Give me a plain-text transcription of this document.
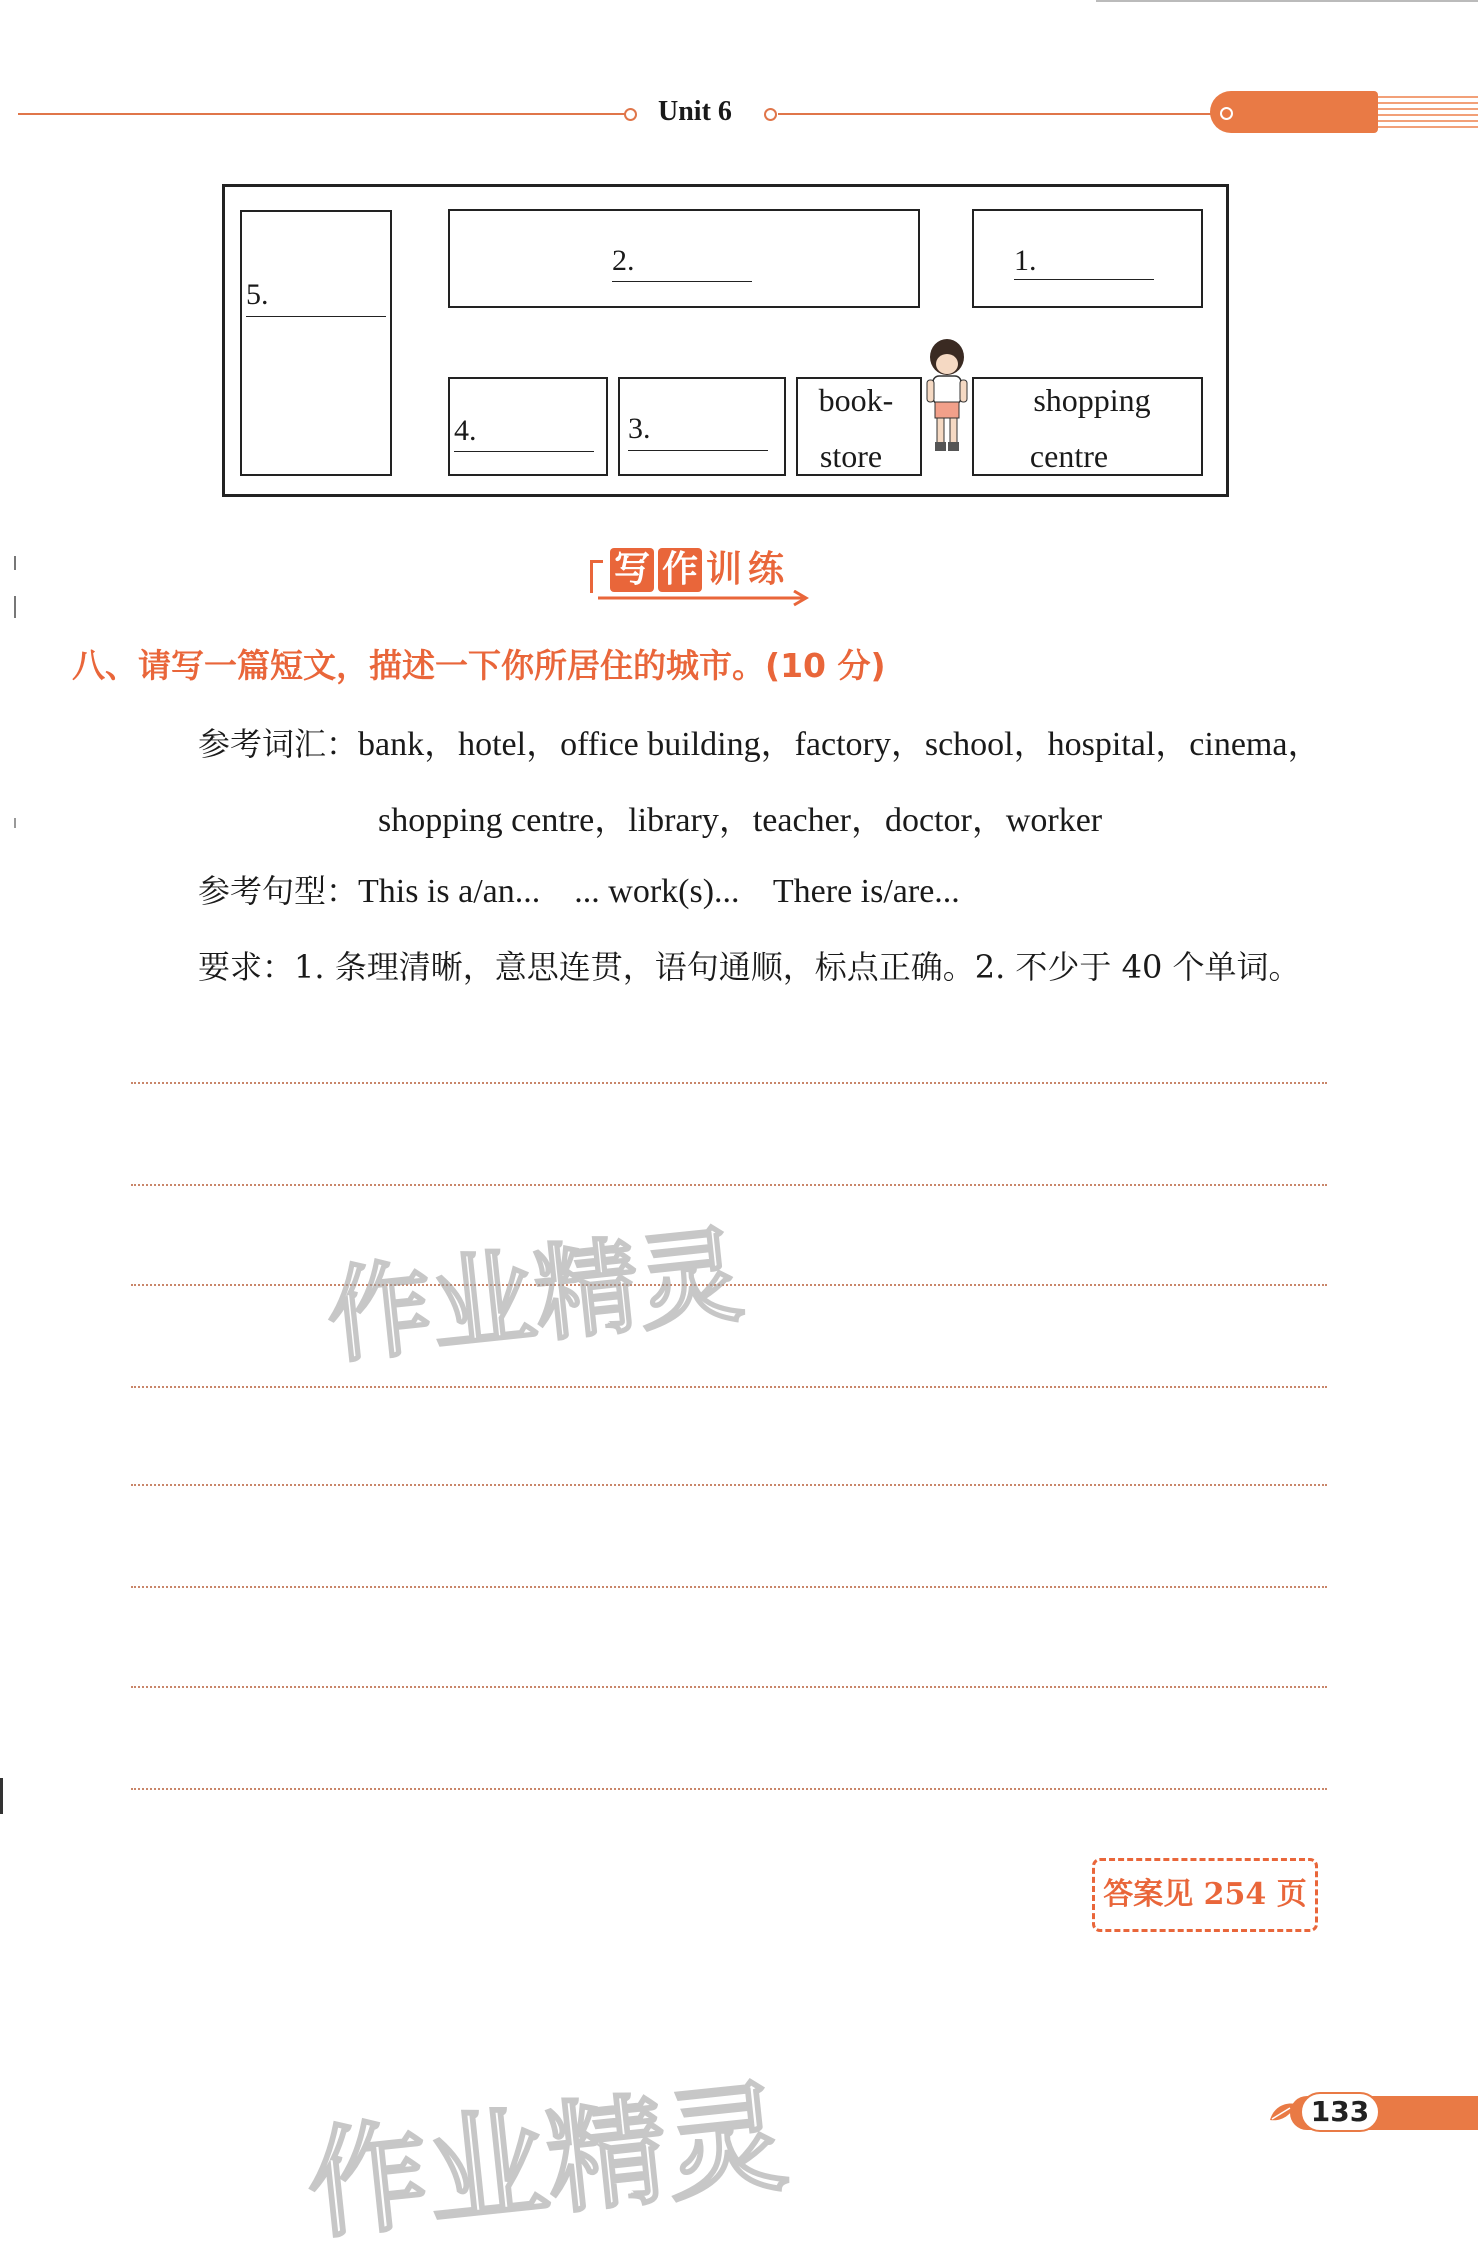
Unit 6
5.
2.	1.
4.	3.
book-
store
shopping
centre
写 作 训 练
八、请写一篇短文，描述一下你所居住的城市。(10 分)
参考词汇：bank，hotel，office building，factory，school，hospital，cinema，
shopping centre，library，teacher，doctor，worker
参考句型：This is a/an...    ... work(s)...    There is/are...
要求：1. 条理清晰，意思连贯，语句通顺，标点正确。2. 不少于 40 个单词。
作业精灵
作业精灵
答案见 254 页
133
